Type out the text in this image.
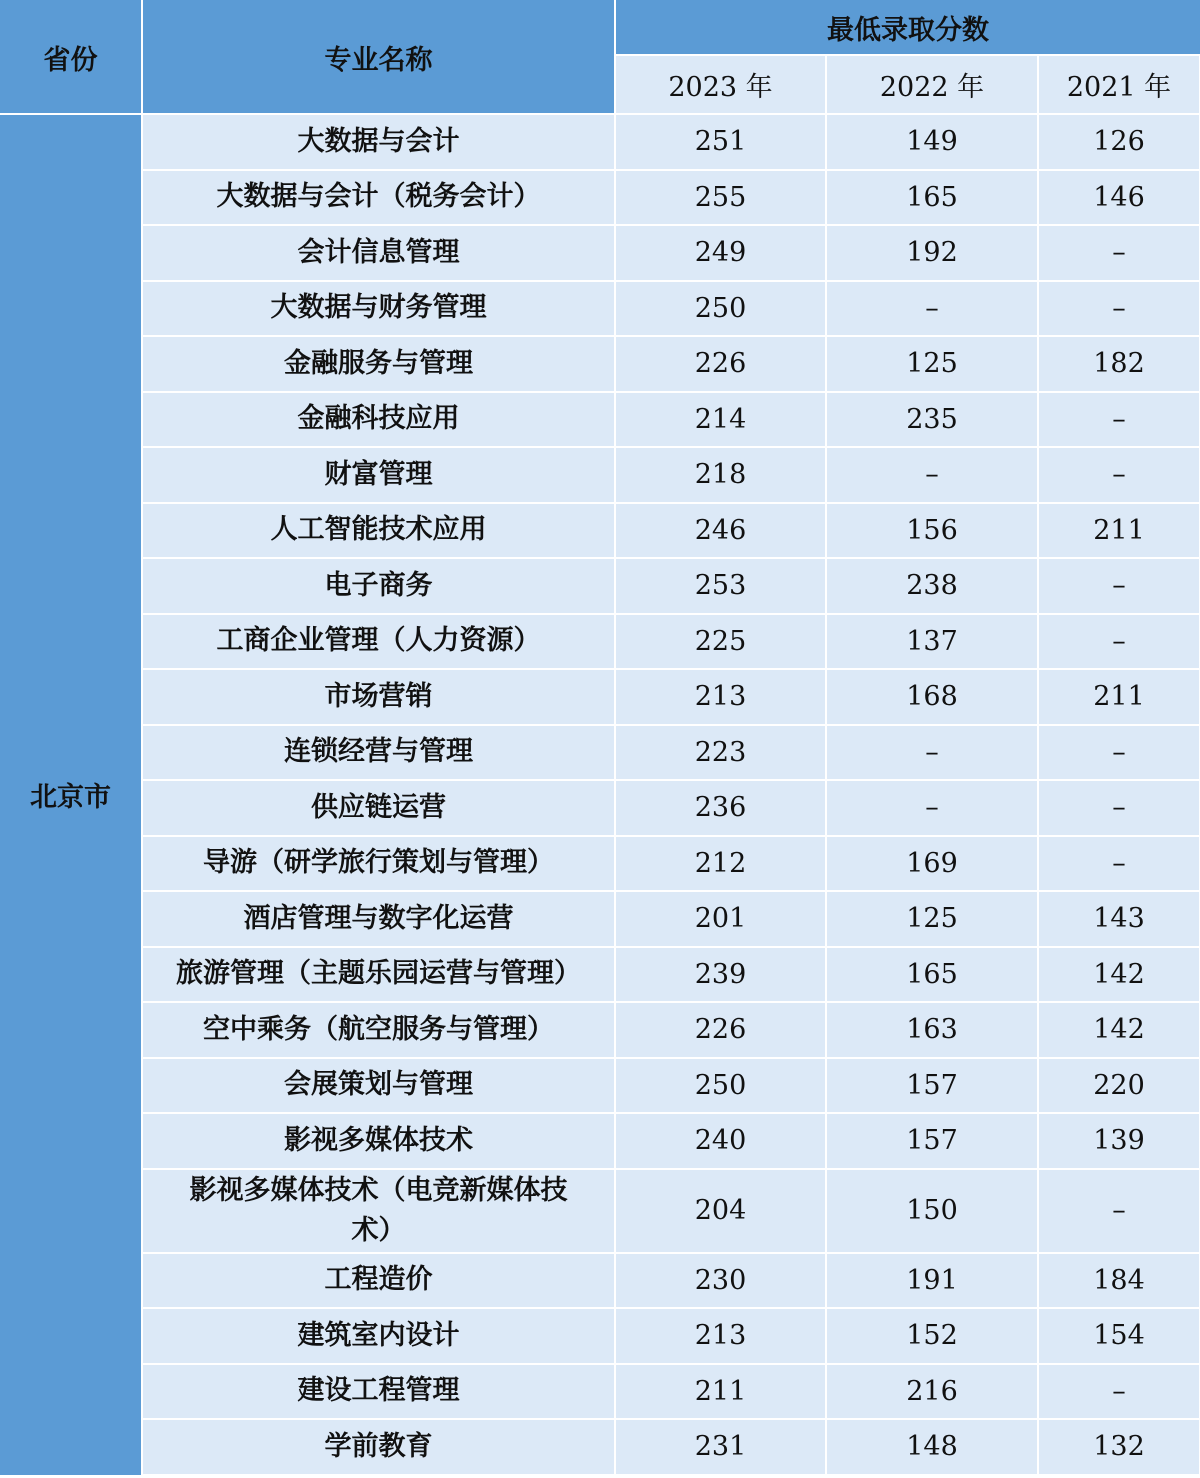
省份	专业名称	最低录取分数		
		2023 年	2022 年	2021 年
北京市	大数据与会计	251	149	126
	大数据与会计（税务会计）	255	165	146
	会计信息管理	249	192	–
	大数据与财务管理	250	–	–
	金融服务与管理	226	125	182
	金融科技应用	214	235	–
	财富管理	218	–	–
	人工智能技术应用	246	156	211
	电子商务	253	238	–
	工商企业管理（人力资源）	225	137	–
	市场营销	213	168	211
	连锁经营与管理	223	–	–
	供应链运营	236	–	–
	导游（研学旅行策划与管理）	212	169	–
	酒店管理与数字化运营	201	125	143
	旅游管理（主题乐园运营与管理）	239	165	142
	空中乘务（航空服务与管理）	226	163	142
	会展策划与管理	250	157	220
	影视多媒体技术	240	157	139
	影视多媒体技术（电竞新媒体技术）	204	150	–
	工程造价	230	191	184
	建筑室内设计	213	152	154
	建设工程管理	211	216	–
	学前教育	231	148	132
